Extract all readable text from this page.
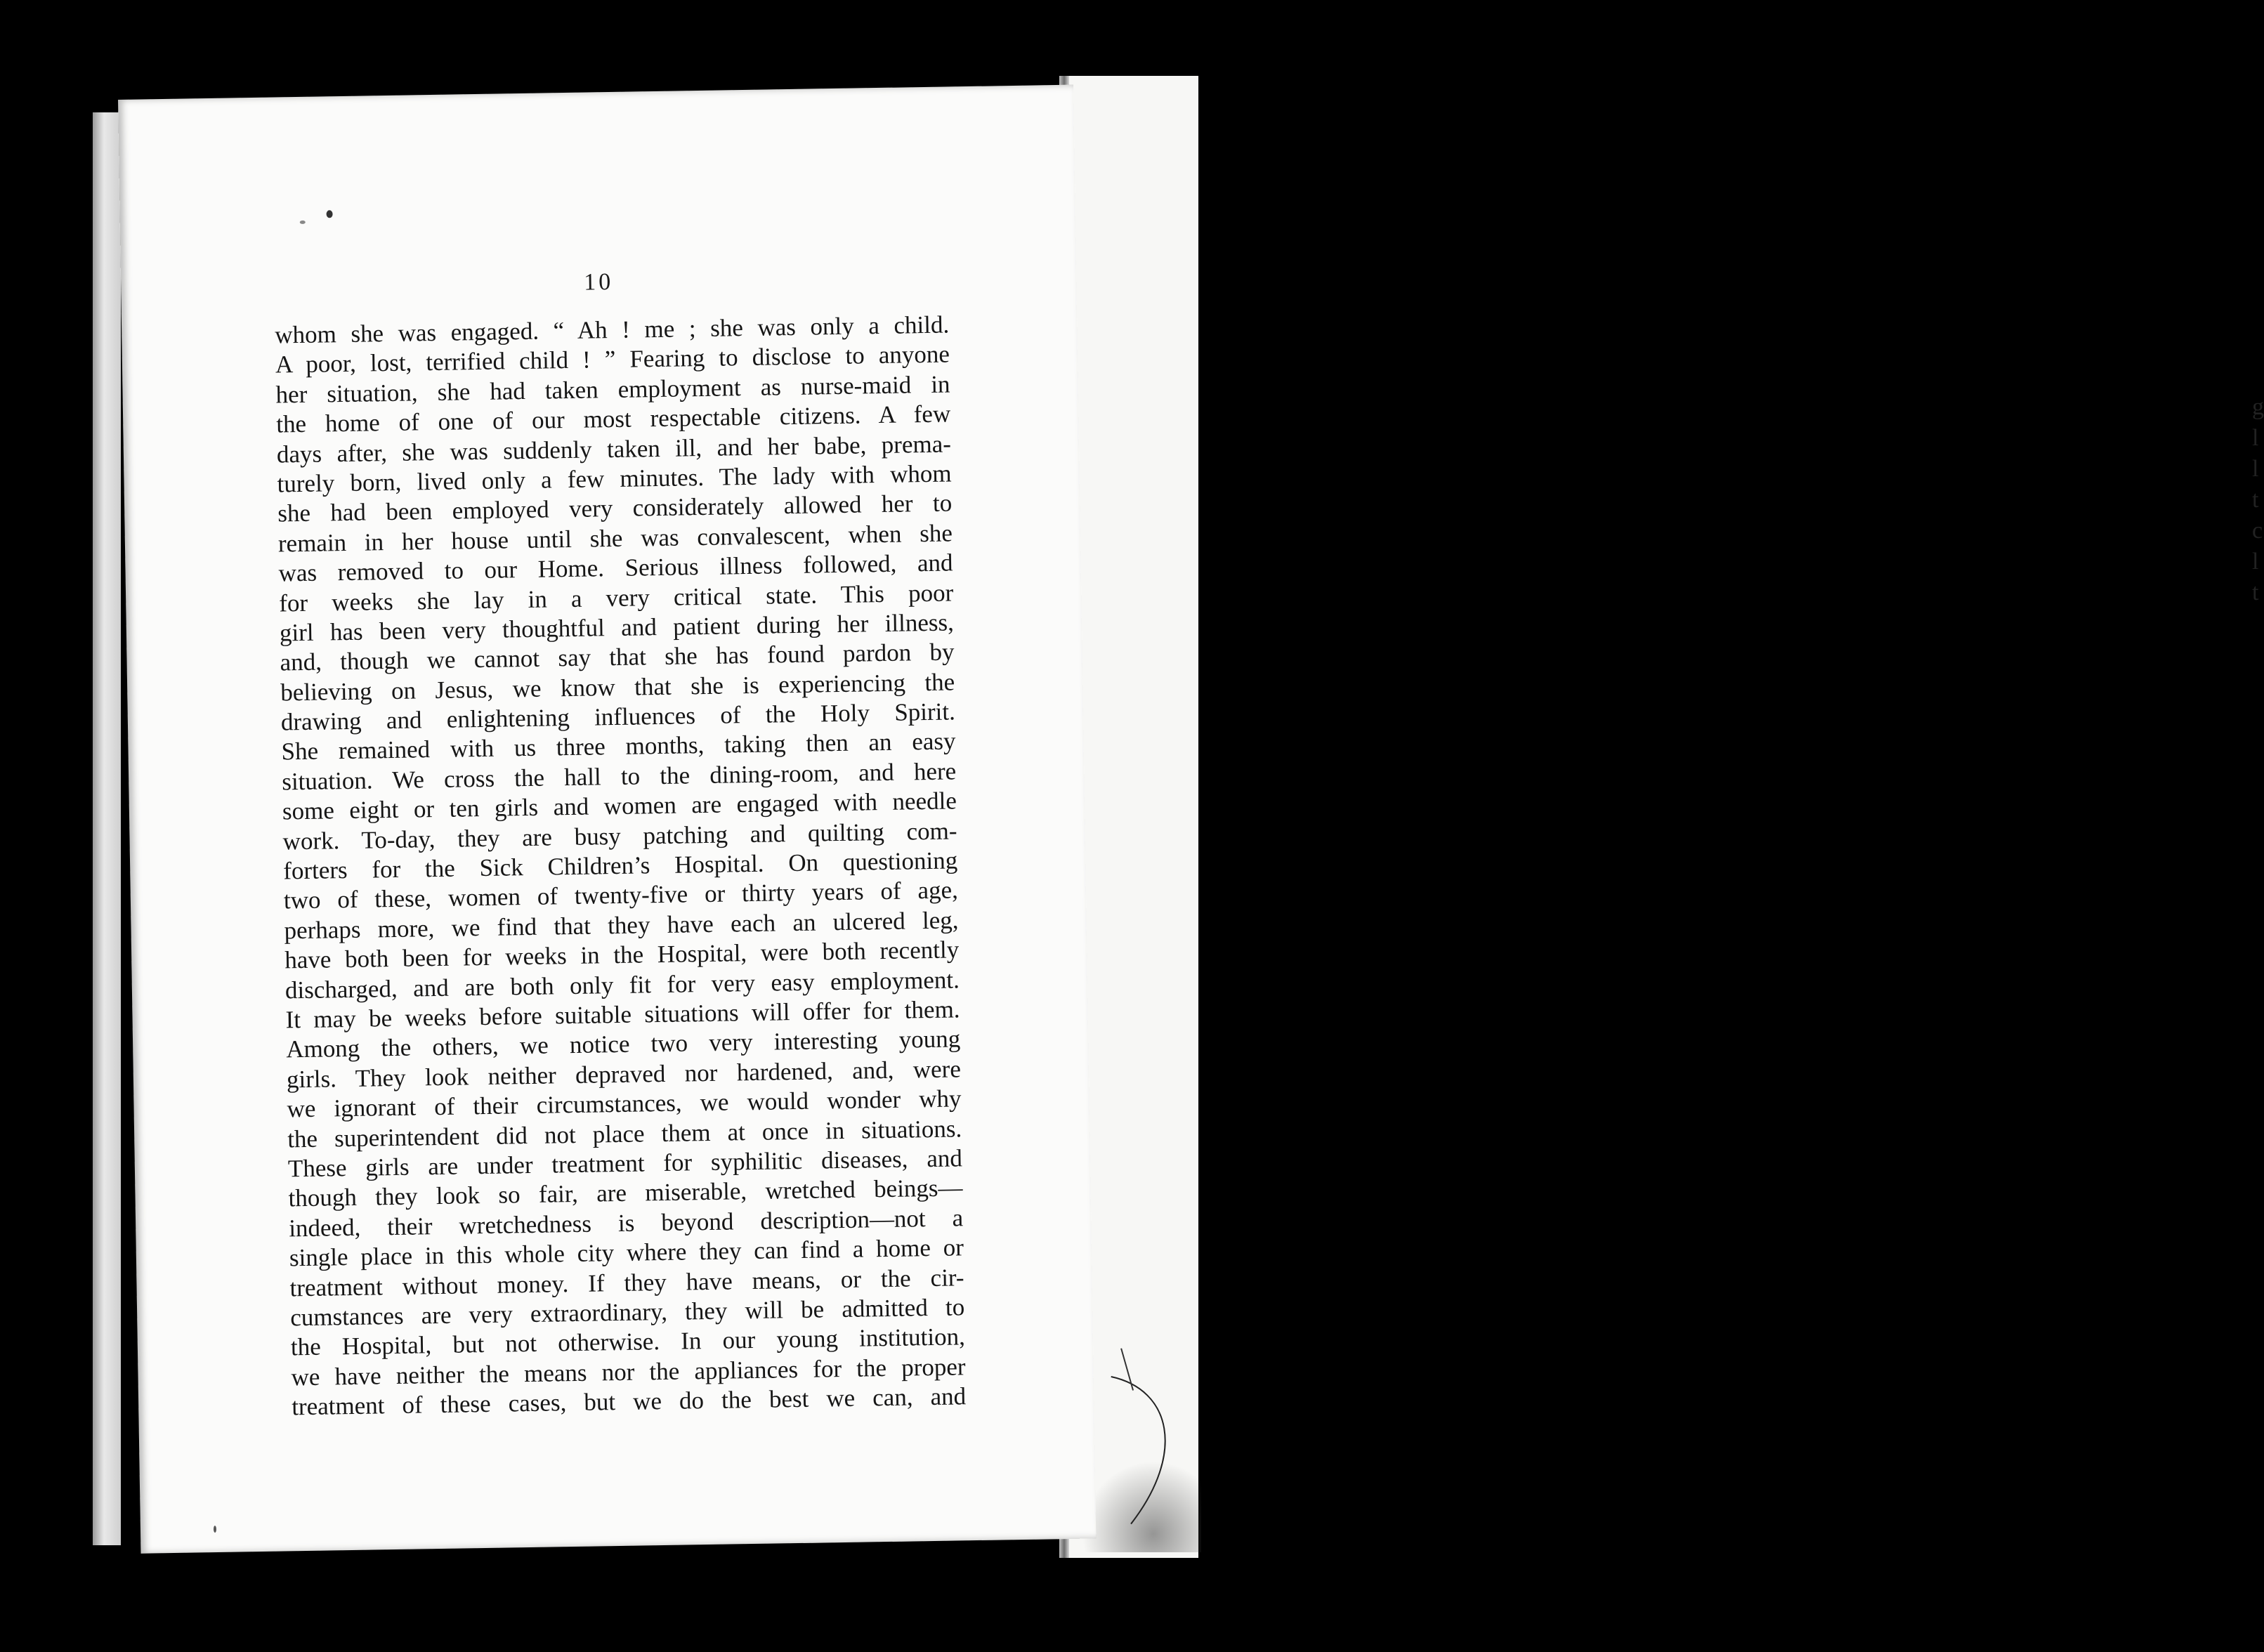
g
l
l
t
c
l
t
10
whom she was engaged. “ Ah ! me ; she was only a child.
A poor, lost, terrified child ! ” Fearing to disclose to anyone
her situation, she had taken employment as nurse-maid in
the home of one of our most respectable citizens. A few
days after, she was suddenly taken ill, and her babe, prema-
turely born, lived only a few minutes. The lady with whom
she had been employed very considerately allowed her to
remain in her house until she was convalescent, when she
was removed to our Home. Serious illness followed, and
for weeks she lay in a very critical state. This poor
girl has been very thoughtful and patient during her illness,
and, though we cannot say that she has found pardon by
believing on Jesus, we know that she is experiencing the
drawing and enlightening influences of the Holy Spirit.
She remained with us three months, taking then an easy
situation. We cross the hall to the dining-room, and here
some eight or ten girls and women are engaged with needle
work. To-day, they are busy patching and quilting com-
forters for the Sick Children’s Hospital. On questioning
two of these, women of twenty-five or thirty years of age,
perhaps more, we find that they have each an ulcered leg,
have both been for weeks in the Hospital, were both recently
discharged, and are both only fit for very easy employment.
It may be weeks before suitable situations will offer for them.
Among the others, we notice two very interesting young
girls. They look neither depraved nor hardened, and, were
we ignorant of their circumstances, we would wonder why
the superintendent did not place them at once in situations.
These girls are under treatment for syphilitic diseases, and
though they look so fair, are miserable, wretched beings—
indeed, their wretchedness is beyond description—not a
single place in this whole city where they can find a home or
treatment without money. If they have means, or the cir-
cumstances are very extraordinary, they will be admitted to
the Hospital, but not otherwise. In our young institution,
we have neither the means nor the appliances for the proper
treatment of these cases, but we do the best we can, and
